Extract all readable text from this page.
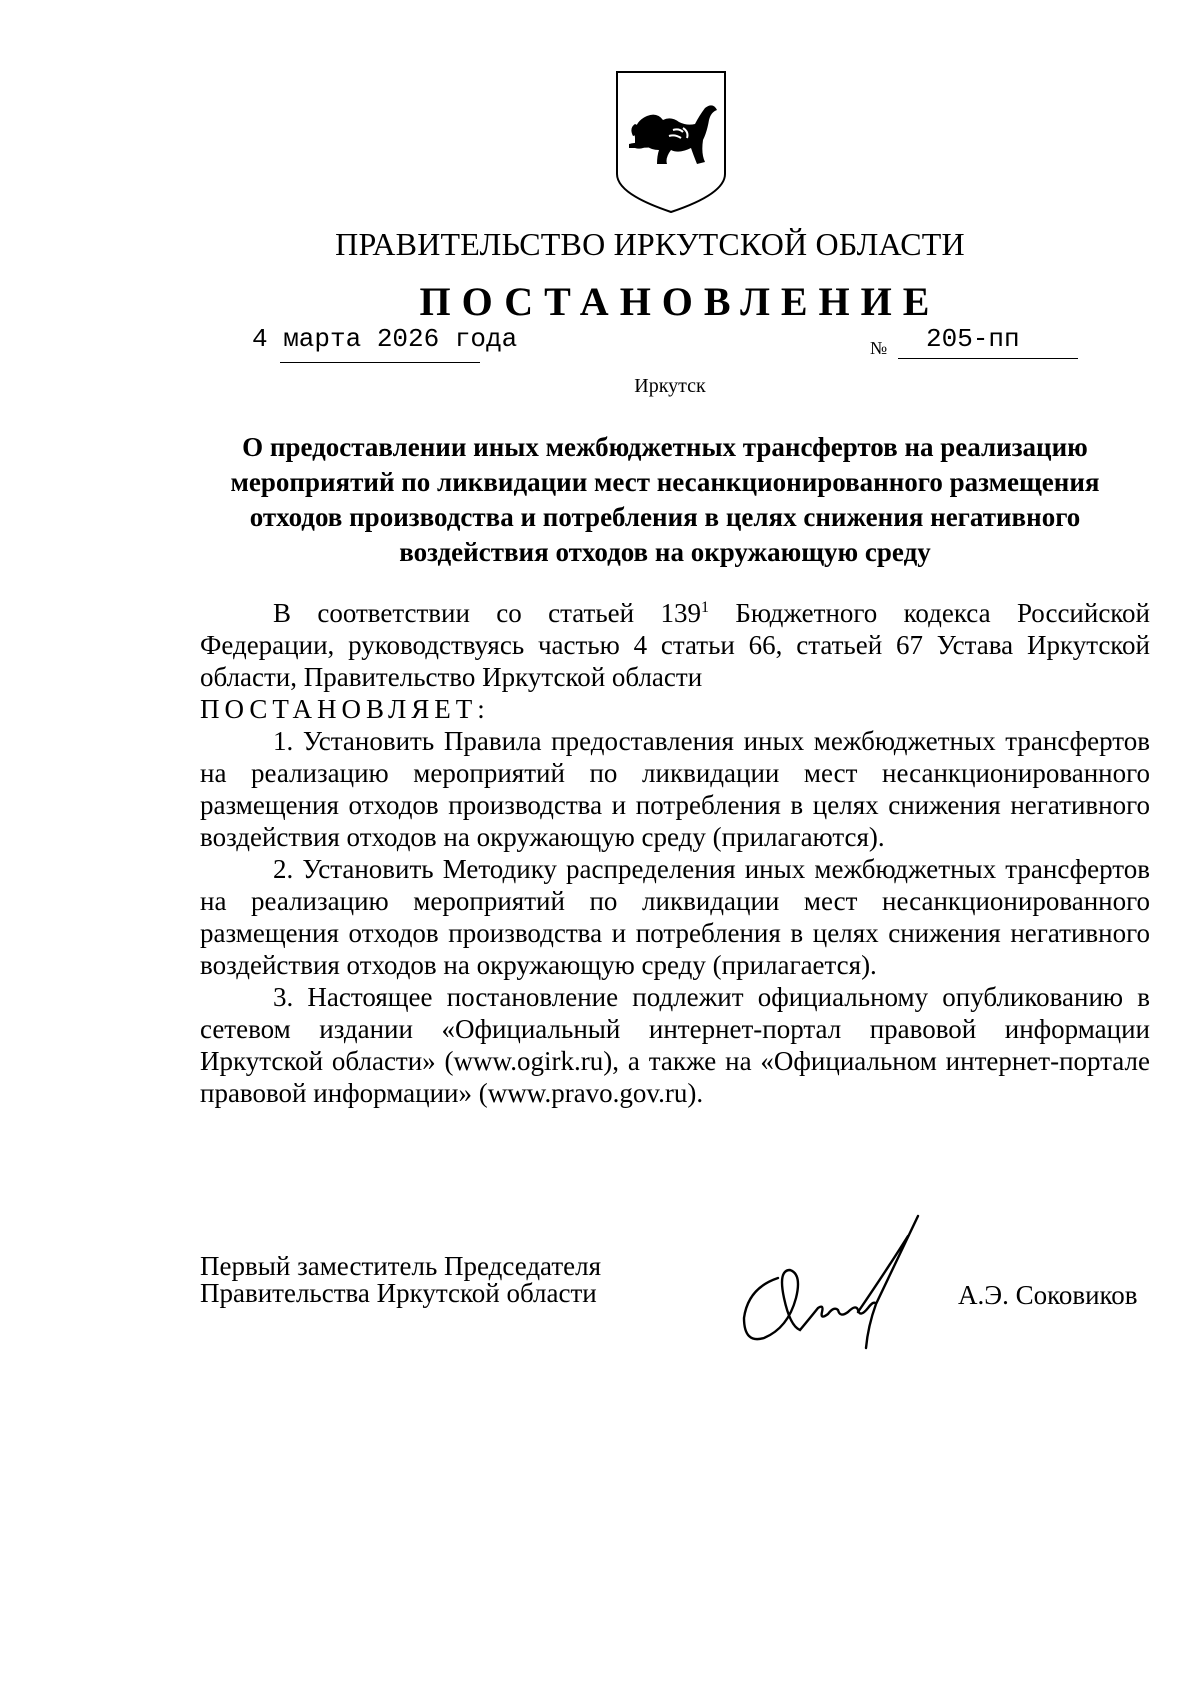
ПРАВИТЕЛЬСТВО ИРКУТСКОЙ ОБЛАСТИ
ПОСТАНОВЛЕНИЕ
4 марта 2026 года	№ 205-пп
Иркутск
О предоставлении иных межбюджетных трансфертов на реализацию
мероприятий по ликвидации мест несанкционированного размещения
отходов производства и потребления в целях снижения негативного
воздействия отходов на окружающую среду

В соответствии со статьей $139^1$ Бюджетного кодекса Российской Федерации, руководствуясь частью 4 статьи 66, статьей 67 Устава Иркутской области, Правительство Иркутской области

ПОСТАНОВЛЯЕТ:

1. Установить Правила предоставления иных межбюджетных трансфертов на реализацию мероприятий по ликвидации мест несанкционированного размещения отходов производства и потребления в целях снижения негативного воздействия отходов на окружающую среду (прилагаются).

2. Установить Методику распределения иных межбюджетных трансфертов на реализацию мероприятий по ликвидации мест несанкционированного размещения отходов производства и потребления в целях снижения негативного воздействия отходов на окружающую среду (прилагается).

3. Настоящее постановление подлежит официальному опубликованию в сетевом издании «Официальный интернет-портал правовой информации Иркутской области» (www.ogirk.ru), а также на «Официальном интернет-портале правовой информации» (www.pravo.gov.ru).

Первый заместитель Председателя
Правительства Иркутской области	А.Э. Соковиков
